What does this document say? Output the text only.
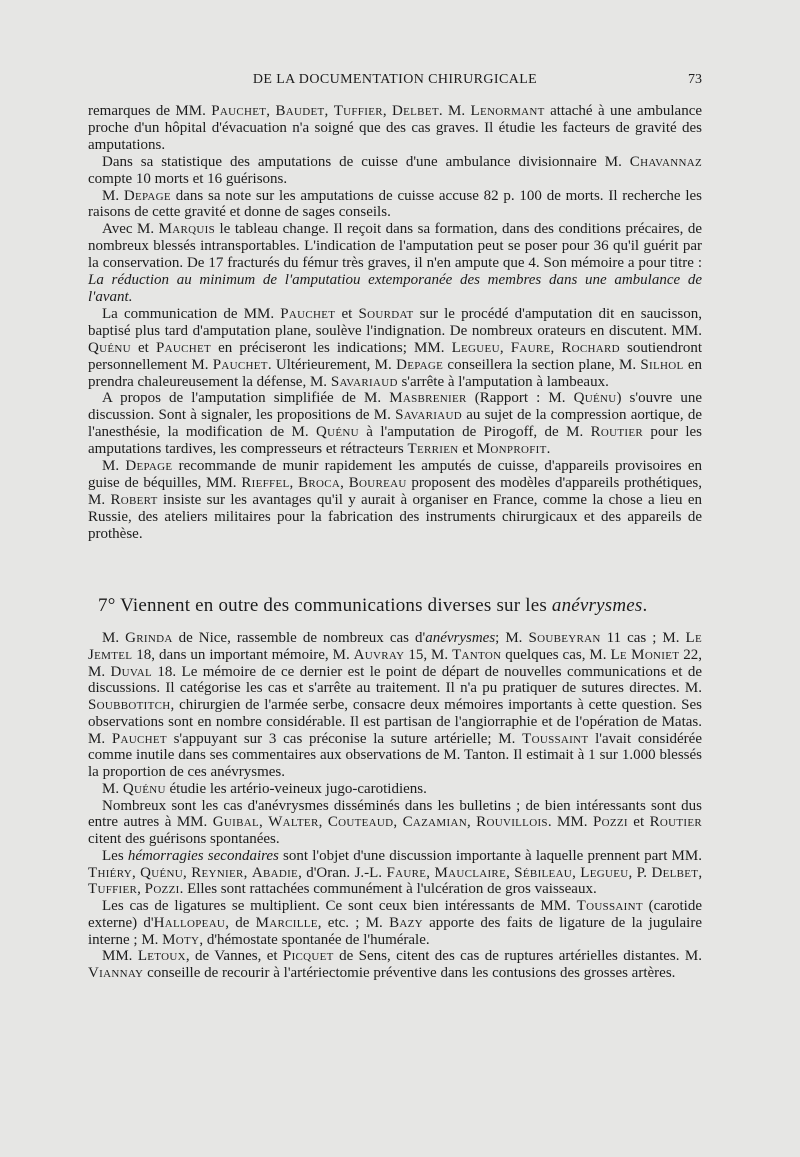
DE LA DOCUMENTATION CHIRURGICALE	73

remarques de MM. Pauchet, Baudet, Tuffier, Delbet. M. Lenormant attaché à une ambulance proche d'un hôpital d'évacuation n'a soigné que des cas graves. Il étudie les facteurs de gravité des amputations.

Dans sa statistique des amputations de cuisse d'une ambulance divisionnaire M. Chavannaz compte 10 morts et 16 guérisons.

M. Depage dans sa note sur les amputations de cuisse accuse 82 p. 100 de morts. Il recherche les raisons de cette gravité et donne de sages conseils.

Avec M. Marquis le tableau change. Il reçoit dans sa formation, dans des conditions précaires, de nombreux blessés intransportables. L'indication de l'amputation peut se poser pour 36 qu'il guérit par la conservation. De 17 fracturés du fémur très graves, il n'en ampute que 4. Son mémoire a pour titre : La réduction au minimum de l'amputatiou extemporanée des membres dans une ambulance de l'avant.

La communication de MM. Pauchet et Sourdat sur le procédé d'amputation dit en saucisson, baptisé plus tard d'amputation plane, soulève l'indignation. De nombreux orateurs en discutent. MM. Quénu et Pauchet en préciseront les indications; MM. Legueu, Faure, Rochard soutiendront personnellement M. Pauchet. Ultérieurement, M. Depage conseillera la section plane, M. Silhol en prendra chaleureusement la défense, M. Savariaud s'arrête à l'amputation à lambeaux.

A propos de l'amputation simplifiée de M. Masbrenier (Rapport : M. Quénu) s'ouvre une discussion. Sont à signaler, les propositions de M. Savariaud au sujet de la compression aortique, de l'anesthésie, la modification de M. Quénu à l'amputation de Pirogoff, de M. Routier pour les amputations tardives, les compresseurs et rétracteurs Terrien et Monprofit.

M. Depage recommande de munir rapidement les amputés de cuisse, d'appareils provisoires en guise de béquilles, MM. Rieffel, Broca, Boureau proposent des modèles d'appareils prothétiques, M. Robert insiste sur les avantages qu'il y aurait à organiser en France, comme la chose a lieu en Russie, des ateliers militaires pour la fabrication des instruments chirurgicaux et des appareils de prothèse.

7° Viennent en outre des communications diverses sur les anévrysmes.

M. Grinda de Nice, rassemble de nombreux cas d'anévrysmes; M. Soubeyran 11 cas ; M. Le Jemtel 18, dans un important mémoire, M. Auvray 15, M. Tanton quelques cas, M. Le Moniet 22, M. Duval 18. Le mémoire de ce dernier est le point de départ de nouvelles communications et de discussions. Il catégorise les cas et s'arrête au traitement. Il n'a pu pratiquer de sutures directes. M. Soubbotitch, chirurgien de l'armée serbe, consacre deux mémoires importants à cette question. Ses observations sont en nombre considérable. Il est partisan de l'angiorraphie et de l'opération de Matas. M. Pauchet s'appuyant sur 3 cas préconise la suture artérielle; M. Toussaint l'avait considérée comme inutile dans ses commentaires aux observations de M. Tanton. Il estimait à 1 sur 1.000 blessés la proportion de ces anévrysmes.

M. Quénu étudie les artério-veineux jugo-carotidiens.

Nombreux sont les cas d'anévrysmes disséminés dans les bulletins ; de bien intéressants sont dus entre autres à MM. Guibal, Walter, Couteaud, Cazamian, Rouvillois. MM. Pozzi et Routier citent des guérisons spontanées.

Les hémorragies secondaires sont l'objet d'une discussion importante à laquelle prennent part MM. Thiéry, Quénu, Reynier, Abadie, d'Oran. J.-L. Faure, Mauclaire, Sébileau, Legueu, P. Delbet, Tuffier, Pozzi. Elles sont rattachées communément à l'ulcération de gros vaisseaux.

Les cas de ligatures se multiplient. Ce sont ceux bien intéressants de MM. Toussaint (carotide externe) d'Hallopeau, de Marcille, etc. ; M. Bazy apporte des faits de ligature de la jugulaire interne ; M. Moty, d'hémostate spontanée de l'humérale.

MM. Letoux, de Vannes, et Picquet de Sens, citent des cas de ruptures artérielles distantes. M. Viannay conseille de recourir à l'artériectomie préventive dans les contusions des grosses artères.
